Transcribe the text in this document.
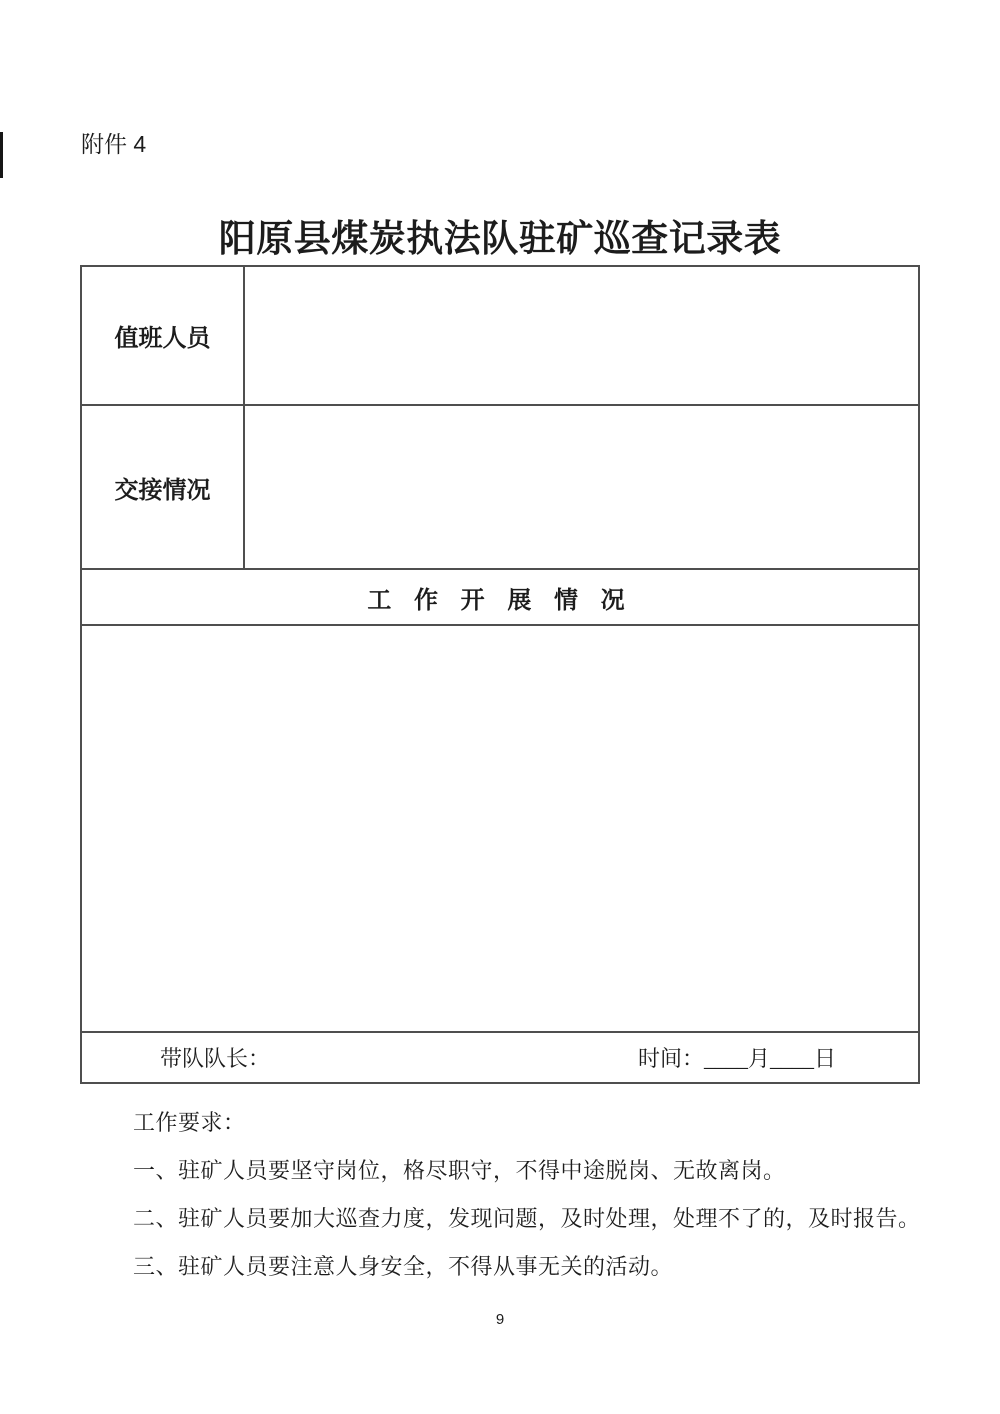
附件 4
阳原县煤炭执法队驻矿巡查记录表
值班人员	
交接情况	
工 作 开 展 情 况	

带队队长： 时间：____月____日	

工作要求：

一、驻矿人员要坚守岗位，格尽职守，不得中途脱岗、无故离岗。

二、驻矿人员要加大巡查力度，发现问题，及时处理，处理不了的，及时报告。

三、驻矿人员要注意人身安全，不得从事无关的活动。

9
